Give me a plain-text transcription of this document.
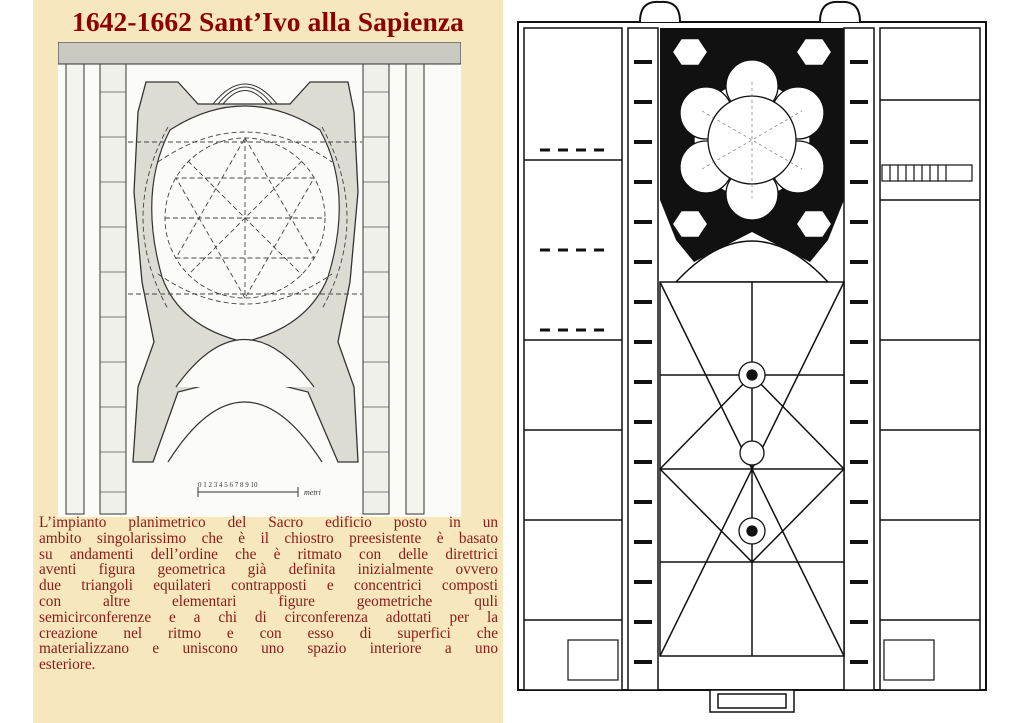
1642-1662 Sant’Ivo alla Sapienza
0 1 2 3 4 5 6 7 8 9 10
metri
L’impianto planimetrico del Sacro edificio posto in un
ambito singolarissimo che è il chiostro preesistente è basato
su andamenti dell’ordine che è ritmato con delle direttrici
aventi figura geometrica già definita inizialmente ovvero
due triangoli equilateri contrapposti e concentrici composti
con altre elementari figure geometriche quli
semicirconferenze e a chi di circonferenza adottati per la
creazione nel ritmo e con esso di superfici che
materializzano e uniscono uno spazio interiore a uno
esteriore.
